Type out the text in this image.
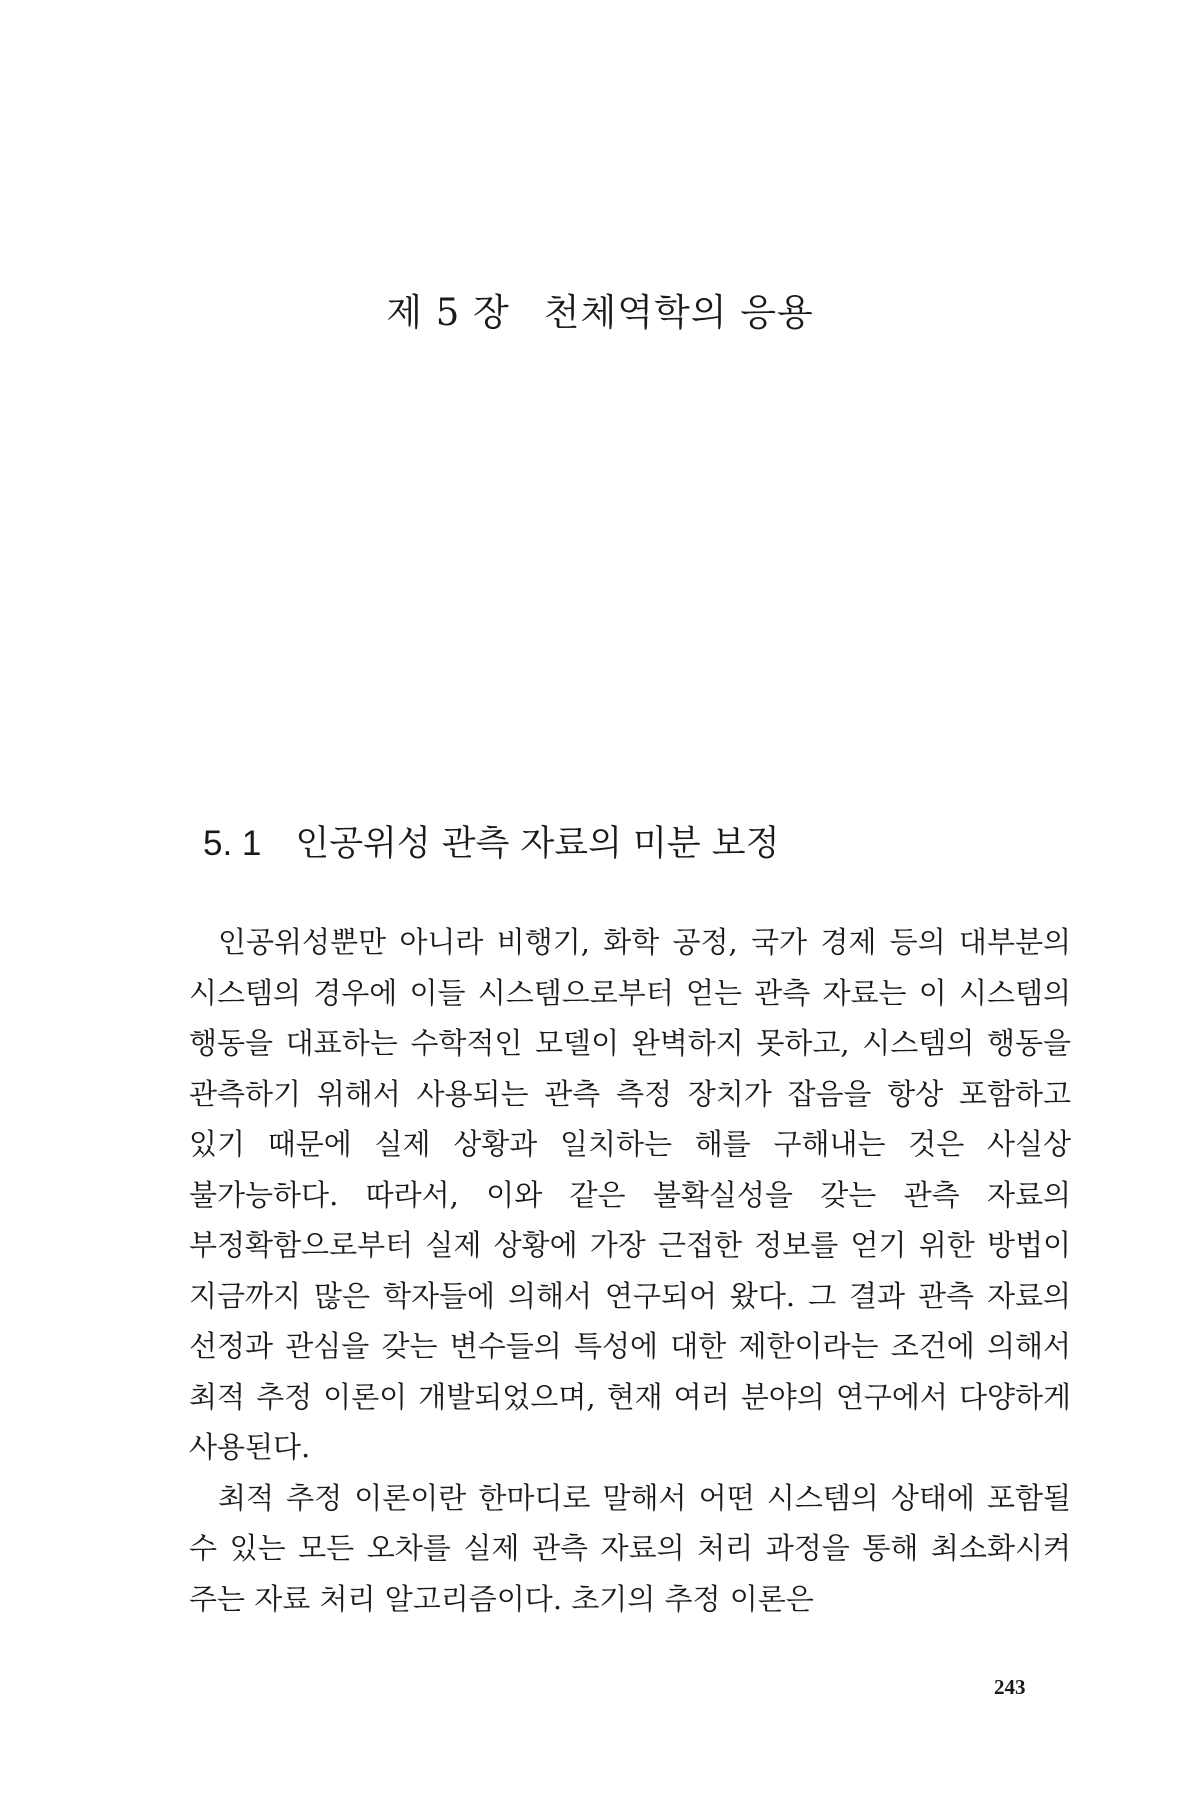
제 5 장 천체역학의 응용
5. 1 인공위성 관측 자료의 미분 보정

인공위성뿐만 아니라 비행기, 화학 공정, 국가 경제 등의 대부분의 시스템의 경우에 이들 시스템으로부터 얻는 관측 자료는 이 시스템의 행동을 대표하는 수학적인 모델이 완벽하지 못하고, 시스템의 행동을 관측하기 위해서 사용되는 관측 측정 장치가 잡음을 항상 포함하고 있기 때문에 실제 상황과 일치하는 해를 구해내는 것은 사실상 불가능하다. 따라서, 이와 같은 불확실성을 갖는 관측 자료의 부정확함으로부터 실제 상황에 가장 근접한 정보를 얻기 위한 방법이 지금까지 많은 학자들에 의해서 연구되어 왔다. 그 결과 관측 자료의 선정과 관심을 갖는 변수들의 특성에 대한 제한이라는 조건에 의해서 최적 추정 이론이 개발되었으며, 현재 여러 분야의 연구에서 다양하게 사용된다.

최적 추정 이론이란 한마디로 말해서 어떤 시스템의 상태에 포함될 수 있는 모든 오차를 실제 관측 자료의 처리 과정을 통해 최소화시켜 주는 자료 처리 알고리즘이다. 초기의 추정 이론은

243
